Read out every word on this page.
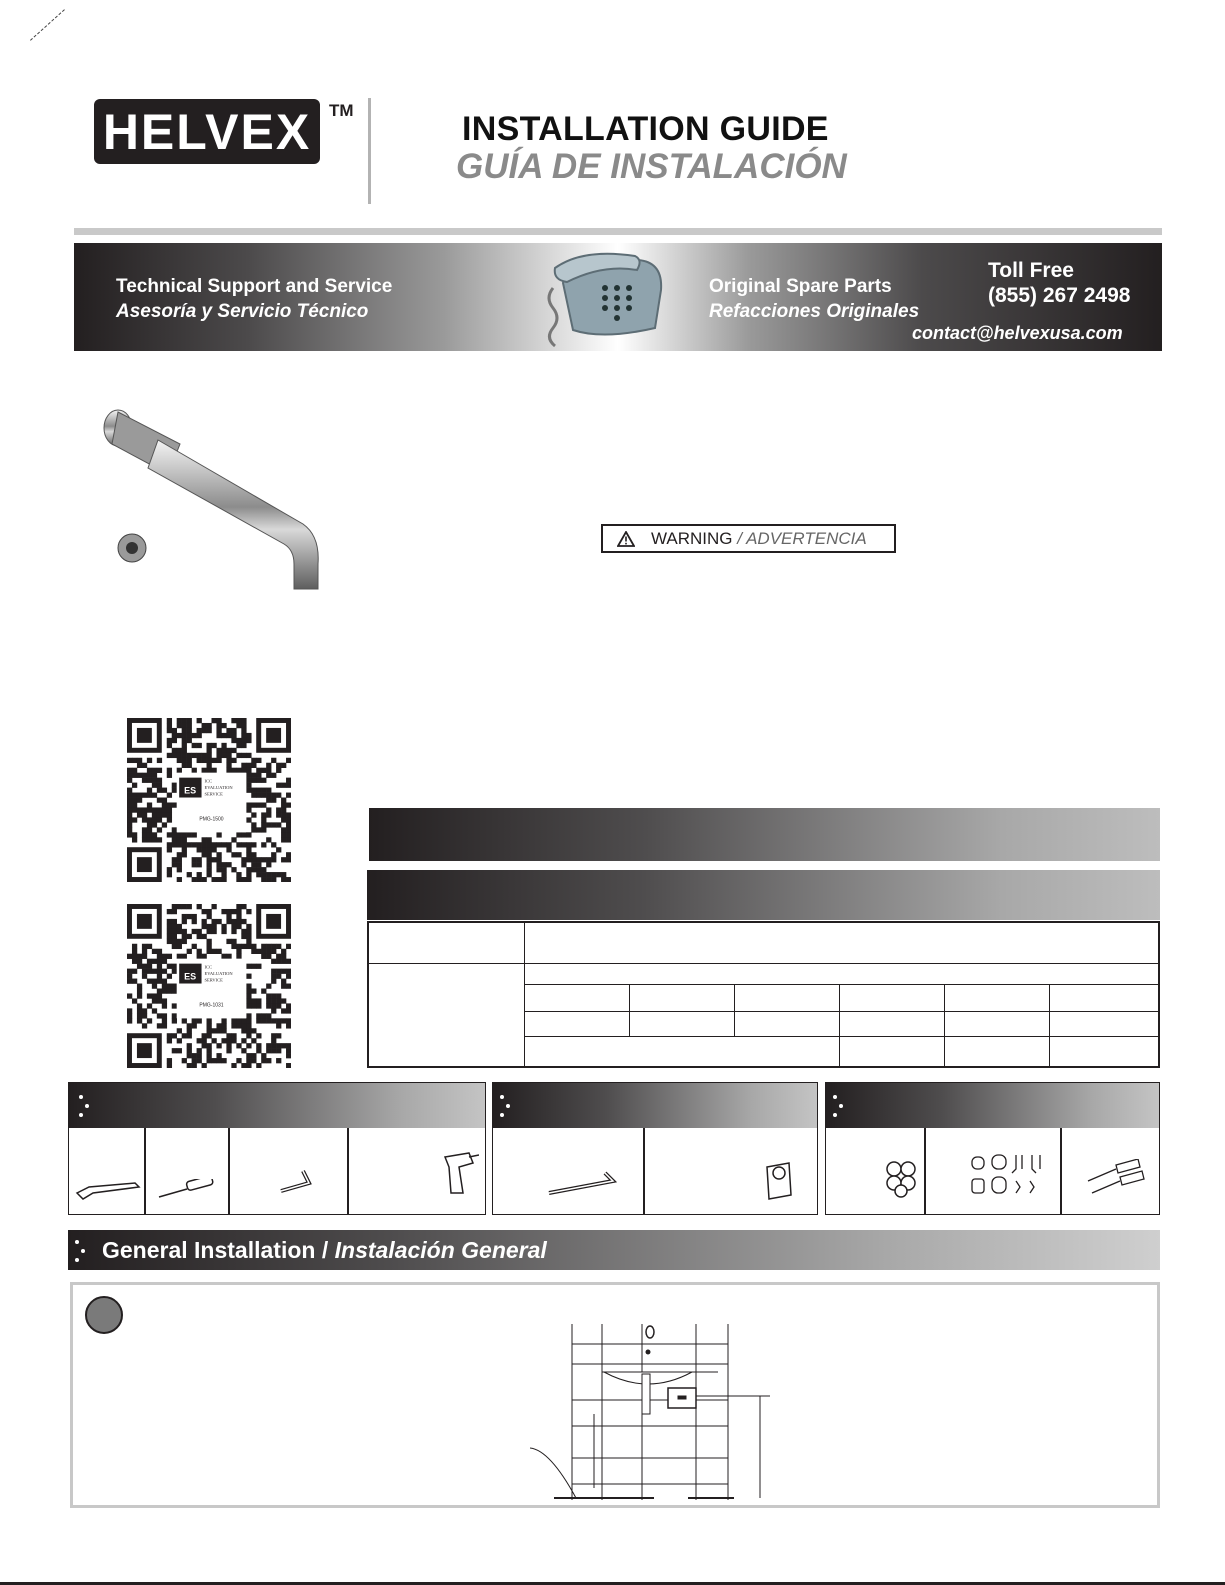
HELVEX	TM	INSTALLATION GUIDE
GUÍA DE INSTALACIÓN
Technical Support and Service
Asesoría y Servicio Técnico
Original Spare Parts
Refacciones Originales
Toll Free
(855) 267 2498
contact@helvexusa.com
WARNING
/ ADVERTENCIA
ES
ICC
EVALUATION
SERVICE
PMG-1500
ES
ICC
EVALUATION
SERVICE
PMG-1031
General Installation / Instalación General
